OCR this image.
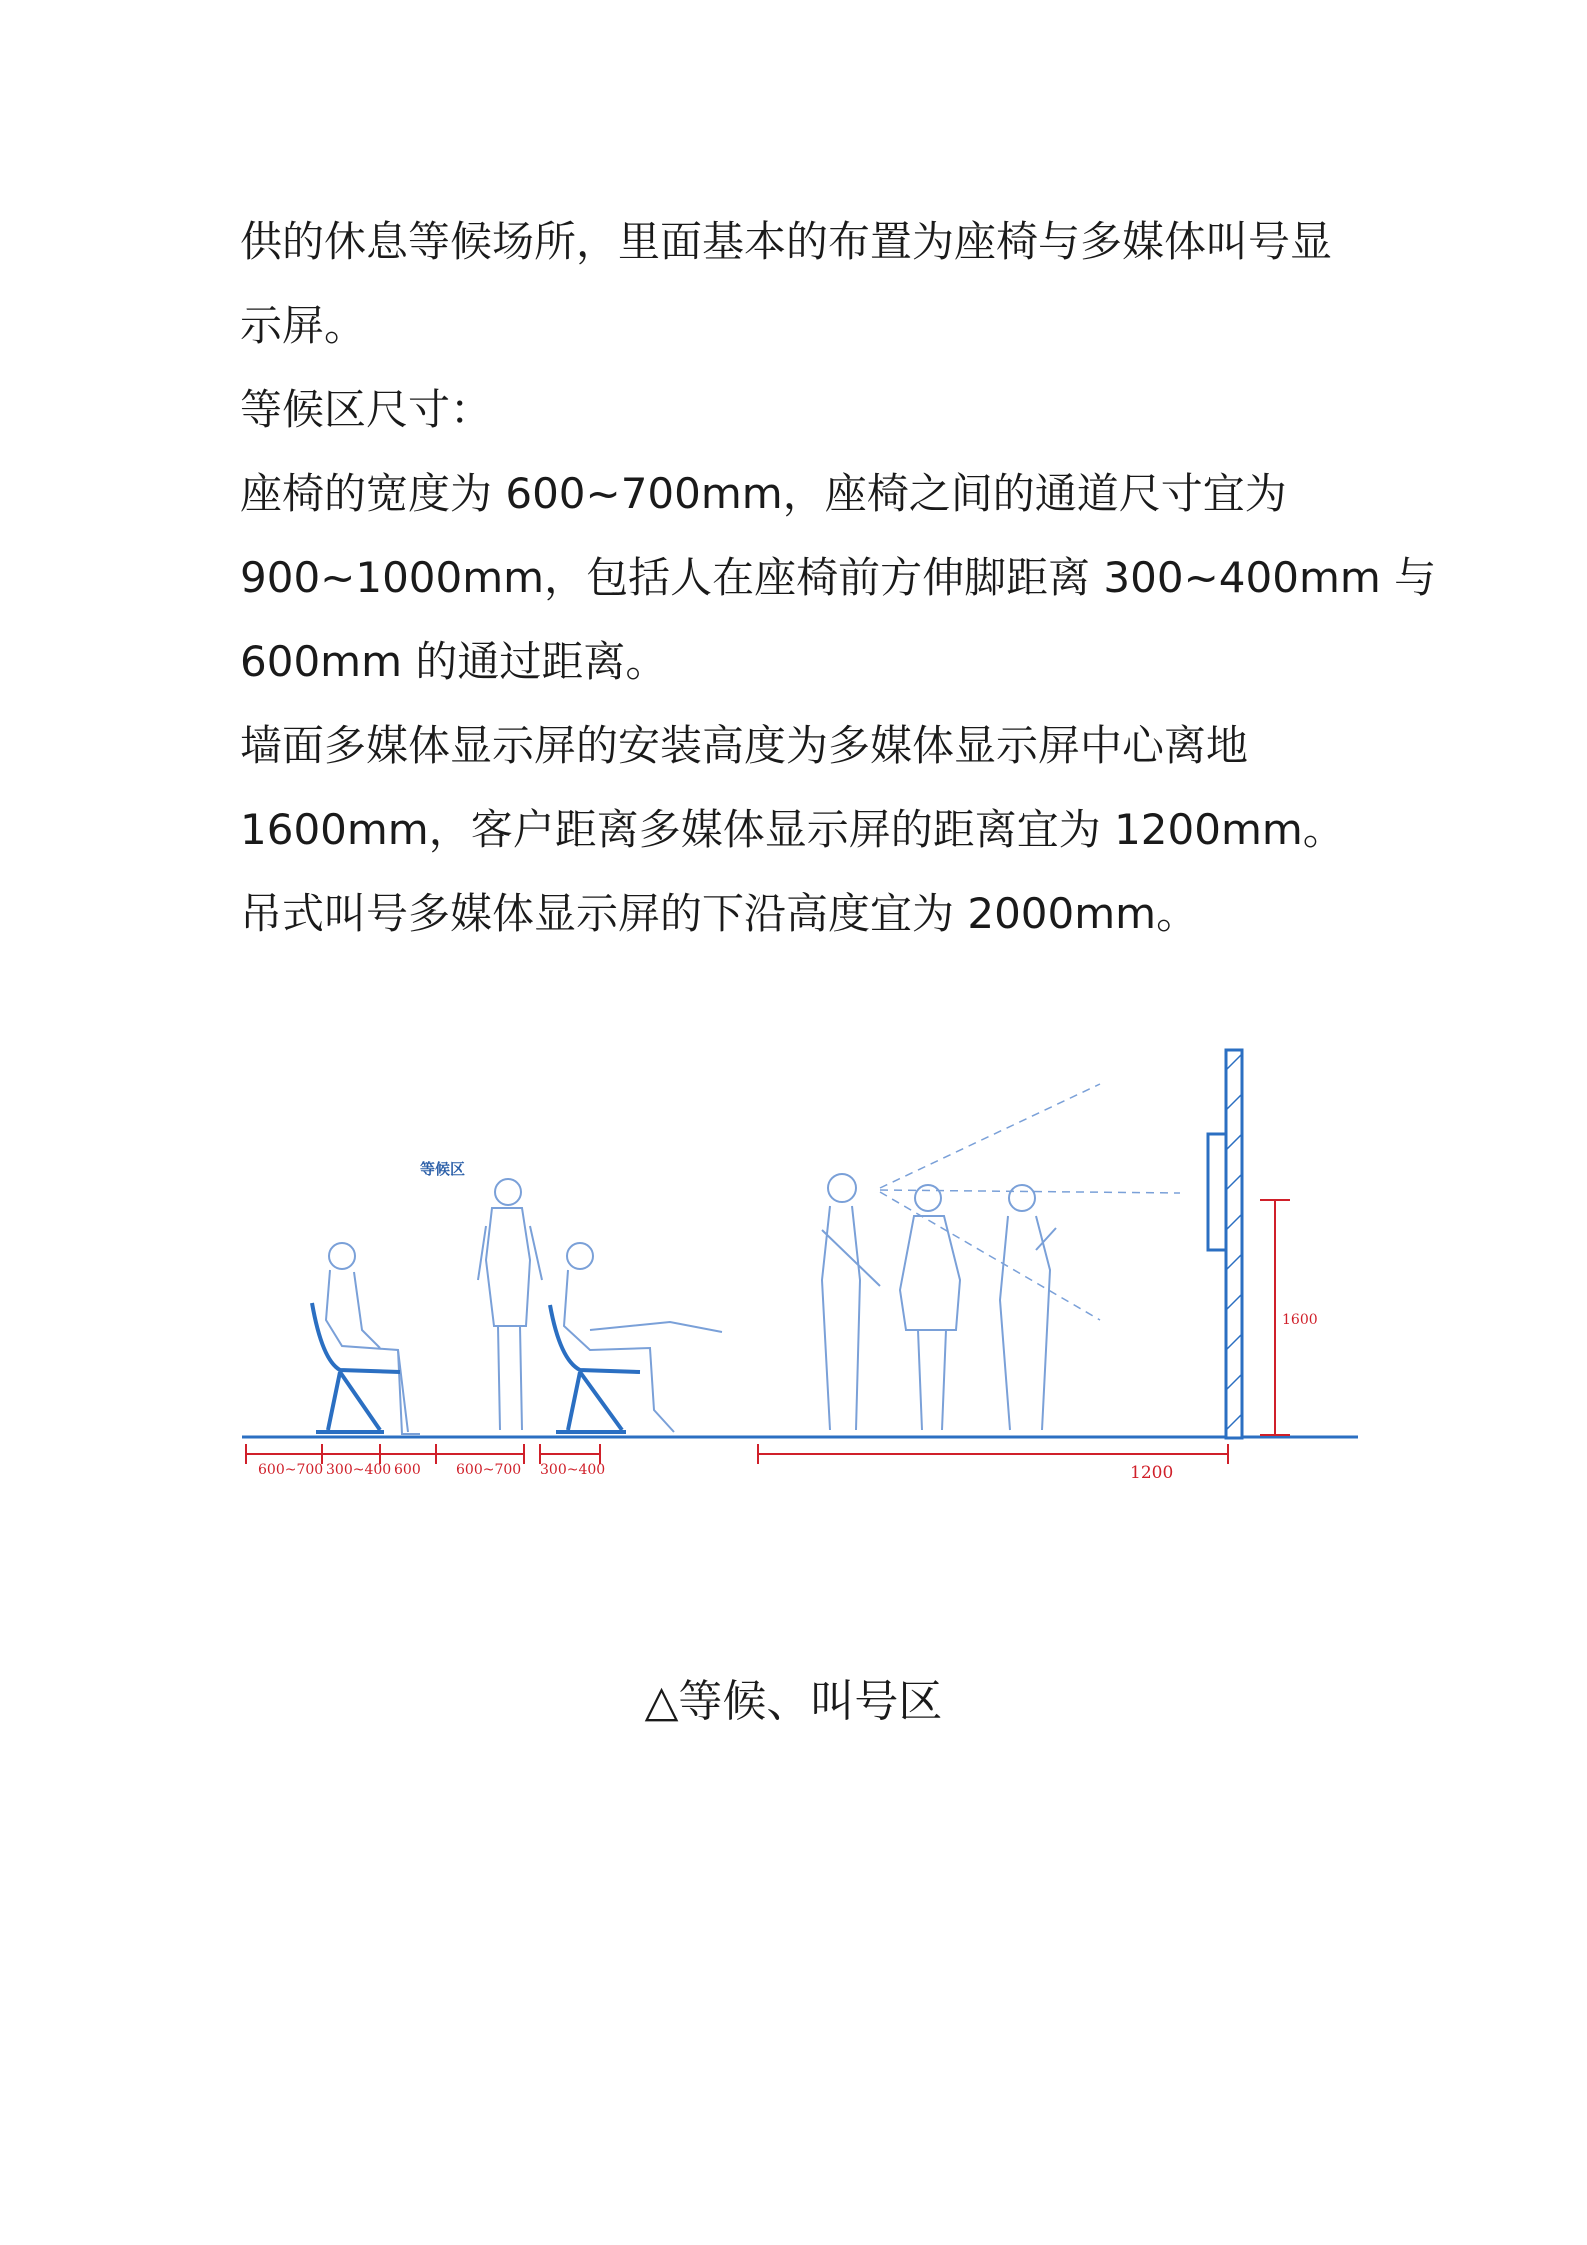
供的休息等候场所，里面基本的布置为座椅与多媒体叫号显

示屏。

等候区尺寸：

座椅的宽度为 600~700mm，座椅之间的通道尺寸宜为

900~1000mm，包括人在座椅前方伸脚距离 300~400mm 与

600mm 的通过距离。

墙面多媒体显示屏的安装高度为多媒体显示屏中心离地

1600mm，客户距离多媒体显示屏的距离宜为 1200mm。

吊式叫号多媒体显示屏的下沿高度宜为 2000mm。

等候区
600~700 300~400 600	600~700 300~400	1200
1600
△等候、叫号区
